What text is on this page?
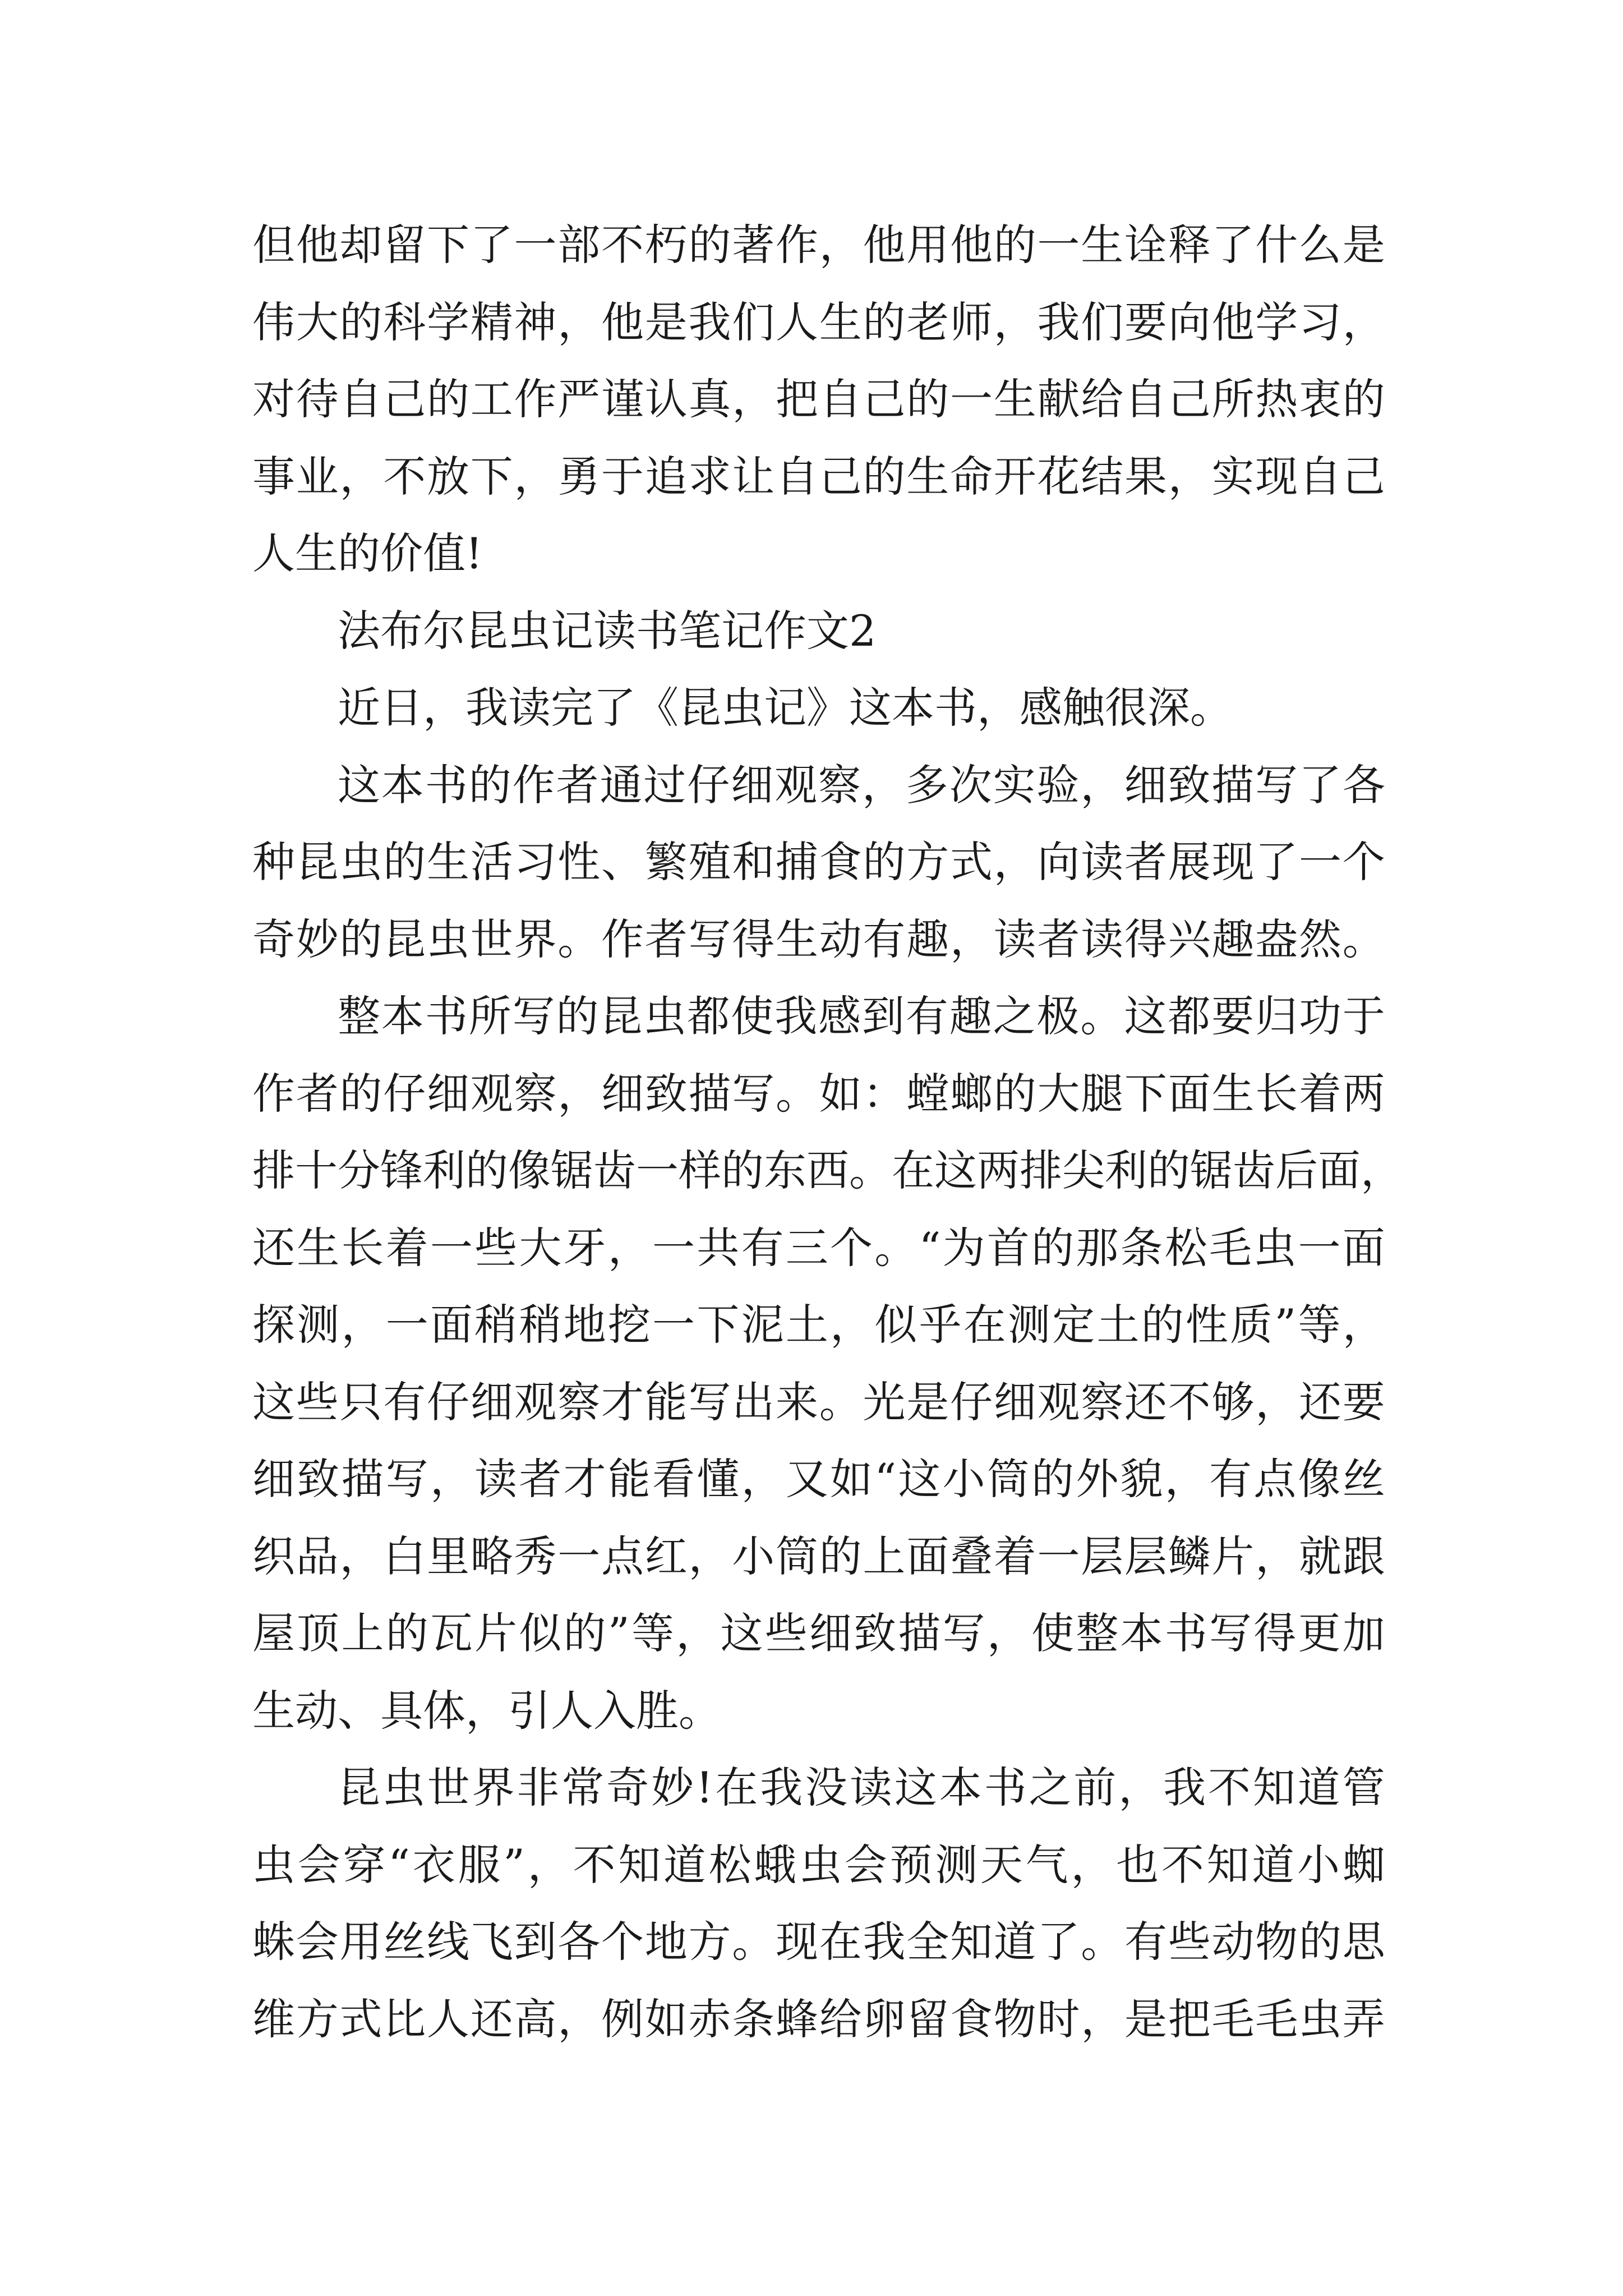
但 他 却 留 下 了 一 部 不 朽 的 著 作 ， 他 用 他 的 一 生 诠 释 了 什 么 是
伟 大 的 科 学 精 神 ， 他 是 我 们 人 生 的 老 师 ， 我 们 要 向 他 学 习 ，
对 待 自 己 的 工 作 严 谨 认 真 ， 把 自 己 的 一 生 献 给 自 己 所 热 衷 的
事 业 ， 不 放 下 ， 勇 于 追 求 让 自 己 的 生 命 开 花 结 果 ， 实 现 自 己
人生的价值!
法布尔昆虫记读书笔记作文2
近日，我读完了《昆虫记》这本书，感触很深。
这 本 书 的 作 者 通 过 仔 细 观 察 ， 多 次 实 验 ， 细 致 描 写 了 各
种 昆 虫 的 生 活 习 性 、 繁 殖 和 捕 食 的 方 式 ， 向 读 者 展 现 了 一 个
奇 妙 的 昆 虫 世 界 。 作 者 写 得 生 动 有 趣 ， 读 者 读 得 兴 趣 盎 然 。
整 本 书 所 写 的 昆 虫 都 使 我 感 到 有 趣 之 极 。 这 都 要 归 功 于
作 者 的 仔 细 观 察 ， 细 致 描 写 。 如 ： 螳 螂 的 大 腿 下 面 生 长 着 两
排 十 分 锋 利 的 像 锯 齿 一 样 的 东 西 。 在 这 两 排 尖 利 的 锯 齿 后 面 ，
还 生 长 着 一 些 大 牙 ， 一 共 有 三 个 。 “ 为 首 的 那 条 松 毛 虫 一 面
探 测 ， 一 面 稍 稍 地 挖 一 下 泥 土 ， 似 乎 在 测 定 土 的 性 质 ” 等 ，
这 些 只 有 仔 细 观 察 才 能 写 出 来 。 光 是 仔 细 观 察 还 不 够 ， 还 要
细 致 描 写 ， 读 者 才 能 看 懂 ， 又 如 “ 这 小 筒 的 外 貌 ， 有 点 像 丝
织 品 ， 白 里 略 秀 一 点 红 ， 小 筒 的 上 面 叠 着 一 层 层 鳞 片 ， 就 跟
屋 顶 上 的 瓦 片 似 的 ” 等 ， 这 些 细 致 描 写 ， 使 整 本 书 写 得 更 加
生动、具体，引人入胜。
昆 虫 世 界 非 常 奇 妙 ! 在 我 没 读 这 本 书 之 前 ， 我 不 知 道 管
虫 会 穿 “ 衣 服 ” ， 不 知 道 松 蛾 虫 会 预 测 天 气 ， 也 不 知 道 小 蜘
蛛 会 用 丝 线 飞 到 各 个 地 方 。 现 在 我 全 知 道 了 。 有 些 动 物 的 思
维 方 式 比 人 还 高 ， 例 如 赤 条 蜂 给 卵 留 食 物 时 ， 是 把 毛 毛 虫 弄
